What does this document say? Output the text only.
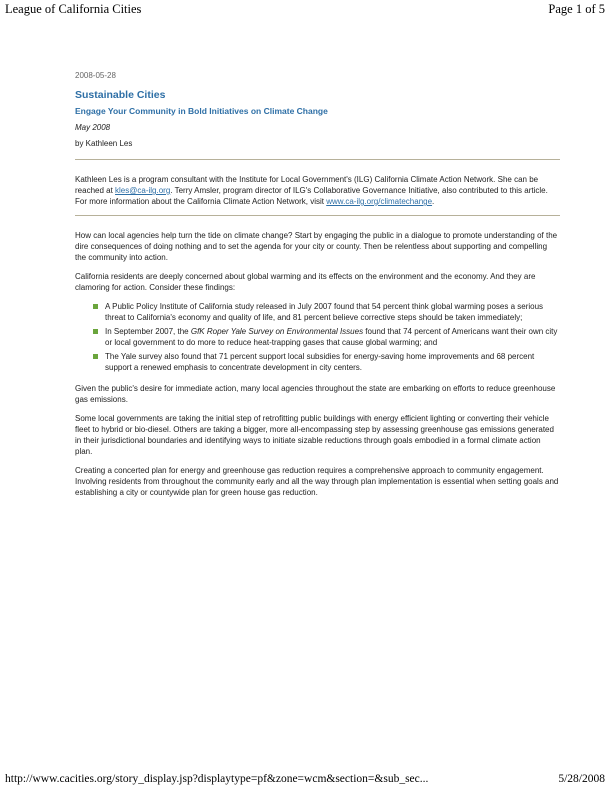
League of California Cities	Page 1 of 5
2008-05-28
Sustainable Cities
Engage Your Community in Bold Initiatives on Climate Change
May 2008
by Kathleen Les

Kathleen Les is a program consultant with the Institute for Local Government's (ILG) California Climate Action Network. She can be reached at kles@ca-ilg.org. Terry Amsler, program director of ILG's Collaborative Governance Initiative, also contributed to this article. For more information about the California Climate Action Network, visit www.ca-ilg.org/climatechange.

How can local agencies help turn the tide on climate change? Start by engaging the public in a dialogue to promote understanding of the dire consequences of doing nothing and to set the agenda for your city or county. Then be relentless about supporting and compelling the community into action.

California residents are deeply concerned about global warming and its effects on the environment and the economy. And they are clamoring for action. Consider these findings:

A Public Policy Institute of California study released in July 2007 found that 54 percent think global warming poses a serious threat to California's economy and quality of life, and 81 percent believe corrective steps should be taken immediately;
In September 2007, the GfK Roper Yale Survey on Environmental Issues found that 74 percent of Americans want their own city or local government to do more to reduce heat-trapping gases that cause global warming; and
The Yale survey also found that 71 percent support local subsidies for energy-saving home improvements and 68 percent support a renewed emphasis to concentrate development in city centers.

Given the public's desire for immediate action, many local agencies throughout the state are embarking on efforts to reduce greenhouse gas emissions.

Some local governments are taking the initial step of retrofitting public buildings with energy efficient lighting or converting their vehicle fleet to hybrid or bio-diesel. Others are taking a bigger, more all-encompassing step by assessing greenhouse gas emissions generated in their jurisdictional boundaries and identifying ways to initiate sizable reductions through goals embodied in a formal climate action plan.

Creating a concerted plan for energy and greenhouse gas reduction requires a comprehensive approach to community engagement. Involving residents from throughout the community early and all the way through plan implementation is essential when setting goals and establishing a city or countywide plan for green house gas reduction.

http://www.cacities.org/story_display.jsp?displaytype=pf&zone=wcm&section=&sub_sec...	5/28/2008
